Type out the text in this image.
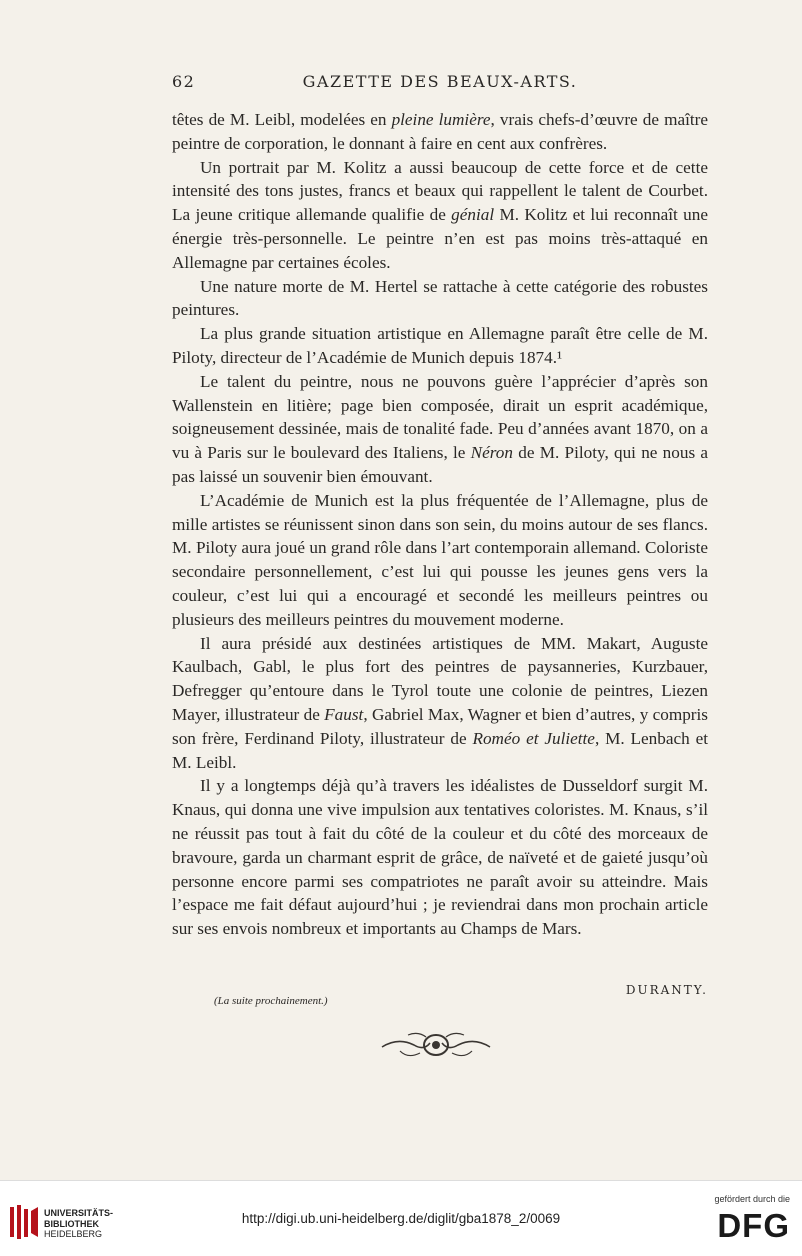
62	GAZETTE DES BEAUX-ARTS.

têtes de M. Leibl, modelées en pleine lumière, vrais chefs-d’œuvre de maître peintre de corporation, le donnant à faire en cent aux confrères.

Un portrait par M. Kolitz a aussi beaucoup de cette force et de cette intensité des tons justes, francs et beaux qui rappellent le talent de Courbet. La jeune critique allemande qualifie de génial M. Kolitz et lui reconnaît une énergie très-personnelle. Le peintre n’en est pas moins très-attaqué en Allemagne par certaines écoles.

Une nature morte de M. Hertel se rattache à cette catégorie des robustes peintures.

La plus grande situation artistique en Allemagne paraît être celle de M. Piloty, directeur de l’Académie de Munich depuis 1874.¹

Le talent du peintre, nous ne pouvons guère l’apprécier d’après son Wallenstein en litière; page bien composée, dirait un esprit académique, soigneusement dessinée, mais de tonalité fade. Peu d’années avant 1870, on a vu à Paris sur le boulevard des Italiens, le Néron de M. Piloty, qui ne nous a pas laissé un souvenir bien émouvant.

L’Académie de Munich est la plus fréquentée de l’Allemagne, plus de mille artistes se réunissent sinon dans son sein, du moins autour de ses flancs. M. Piloty aura joué un grand rôle dans l’art contemporain allemand. Coloriste secondaire personnellement, c’est lui qui pousse les jeunes gens vers la couleur, c’est lui qui a encouragé et secondé les meilleurs peintres ou plusieurs des meilleurs peintres du mouvement moderne.

Il aura présidé aux destinées artistiques de MM. Makart, Auguste Kaulbach, Gabl, le plus fort des peintres de paysanneries, Kurzbauer, Defregger qu’entoure dans le Tyrol toute une colonie de peintres, Liezen Mayer, illustrateur de Faust, Gabriel Max, Wagner et bien d’autres, y compris son frère, Ferdinand Piloty, illustrateur de Roméo et Juliette, M. Lenbach et M. Leibl.

Il y a longtemps déjà qu’à travers les idéalistes de Dusseldorf surgit M. Knaus, qui donna une vive impulsion aux tentatives coloristes. M. Knaus, s’il ne réussit pas tout à fait du côté de la couleur et du côté des morceaux de bravoure, garda un charmant esprit de grâce, de naïveté et de gaieté jusqu’où personne encore parmi ses compatriotes ne paraît avoir su atteindre. Mais l’espace me fait défaut aujourd’hui ; je reviendrai dans mon prochain article sur ses envois nombreux et importants au Champs de Mars.

DURANTY.
(La suite prochainement.)
UNIVERSITÄTS-
BIBLIOTHEK
HEIDELBERG
http://digi.ub.uni-heidelberg.de/diglit/gba1878_2/0069
gefördert durch die
DFG
